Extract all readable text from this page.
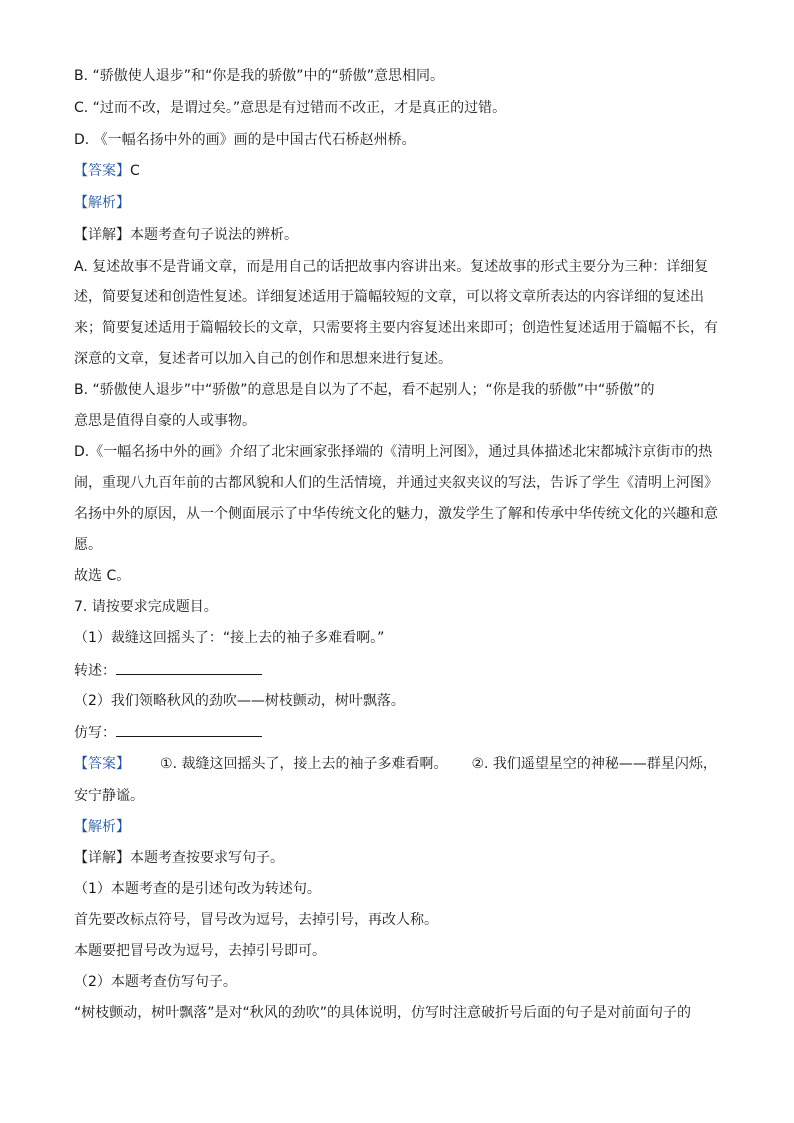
B. “骄傲使人退步”和“你是我的骄傲”中的“骄傲”意思相同。
C. “过而不改，是谓过矣。”意思是有过错而不改正，才是真正的过错。
D. 《一幅名扬中外的画》画的是中国古代石桥赵州桥。
【答案】C
【解析】
【详解】本题考查句子说法的辨析。
A. 复述故事不是背诵文章，而是用自己的话把故事内容讲出来。复述故事的形式主要分为三种：详细复
述，简要复述和创造性复述。详细复述适用于篇幅较短的文章，可以将文章所表达的内容详细的复述出
来；简要复述适用于篇幅较长的文章，只需要将主要内容复述出来即可；创造性复述适用于篇幅不长，有
深意的文章，复述者可以加入自己的创作和思想来进行复述。
B. “骄傲使人退步”中“骄傲”的意思是自以为了不起，看不起别人；“你是我的骄傲”中“骄傲”的
意思是值得自豪的人或事物。
D.《一幅名扬中外的画》介绍了北宋画家张择端的《清明上河图》，通过具体描述北宋都城汴京街市的热
闹，重现八九百年前的古都风貌和人们的生活情境，并通过夹叙夹议的写法，告诉了学生《清明上河图》
名扬中外的原因，从一个侧面展示了中华传统文化的魅力，激发学生了解和传承中华传统文化的兴趣和意
愿。
故选 C。
7. 请按要求完成题目。
（1）裁缝这回摇头了：“接上去的袖子多难看啊。”
转述：
（2）我们领略秋风的劲吹——树枝颤动，树叶飘落。
仿写：
【答案】 ①. 裁缝这回摇头了，接上去的袖子多难看啊。 ②. 我们遥望星空的神秘——群星闪烁，
安宁静谧。
【解析】
【详解】本题考查按要求写句子。
（1）本题考查的是引述句改为转述句。
首先要改标点符号，冒号改为逗号，去掉引号，再改人称。
本题要把冒号改为逗号，去掉引号即可。
（2）本题考查仿写句子。
“树枝颤动，树叶飘落”是对“秋风的劲吹”的具体说明，仿写时注意破折号后面的句子是对前面句子的
